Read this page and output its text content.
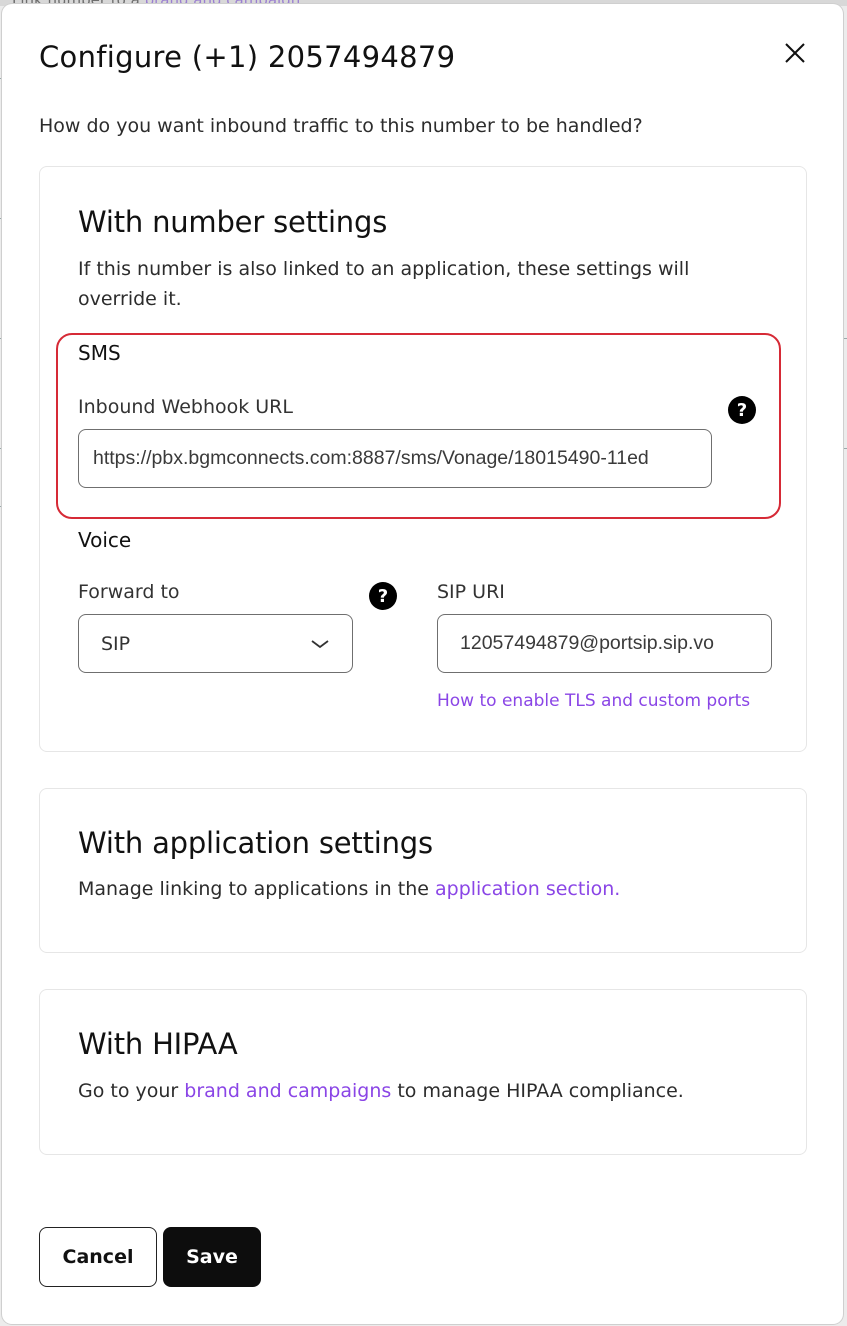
Configure (+1) 2057494879

How do you want inbound traffic to this number to be handled?

With number settings

If this number is also linked to an application, these settings will override it.

SMS

Inbound Webhook URL	?
https://pbx.bgmconnects.com:8887/sms/Vonage/18015490-11ed

Voice

Forward to	?
SIP

SIP URI

12057494879@portsip.sip.vo

How to enable TLS and custom ports

With application settings

Manage linking to applications in the application section.

With HIPAA

Go to your brand and campaigns to manage HIPAA compliance.

Cancel	Save
